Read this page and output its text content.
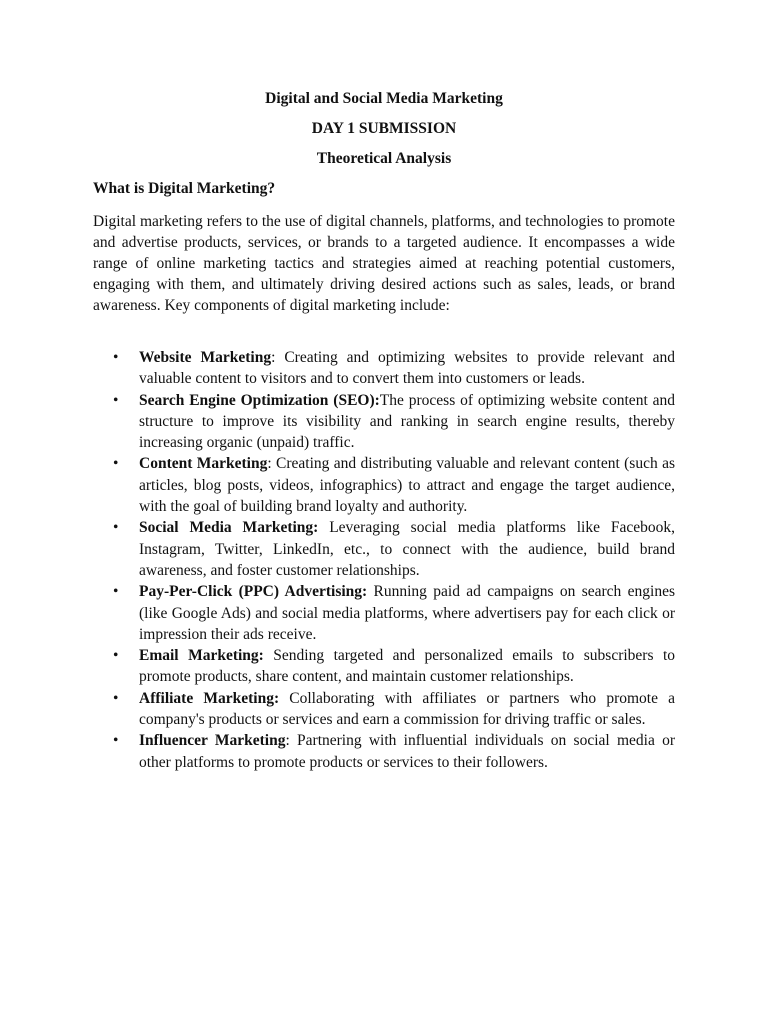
Digital and Social Media Marketing
DAY 1 SUBMISSION
Theoretical Analysis
What is Digital Marketing?

Digital marketing refers to the use of digital channels, platforms, and technologies to promote and advertise products, services, or brands to a targeted audience. It encompasses a wide range of online marketing tactics and strategies aimed at reaching potential customers, engaging with them, and ultimately driving desired actions such as sales, leads, or brand awareness. Key components of digital marketing include:

• Website Marketing: Creating and optimizing websites to provide relevant and valuable content to visitors and to convert them into customers or leads.
• Search Engine Optimization (SEO):The process of optimizing website content and structure to improve its visibility and ranking in search engine results, thereby increasing organic (unpaid) traffic.
• Content Marketing: Creating and distributing valuable and relevant content (such as articles, blog posts, videos, infographics) to attract and engage the target audience, with the goal of building brand loyalty and authority.
• Social Media Marketing: Leveraging social media platforms like Facebook, Instagram, Twitter, LinkedIn, etc., to connect with the audience, build brand awareness, and foster customer relationships.
• Pay-Per-Click (PPC) Advertising: Running paid ad campaigns on search engines (like Google Ads) and social media platforms, where advertisers pay for each click or impression their ads receive.
• Email Marketing: Sending targeted and personalized emails to subscribers to promote products, share content, and maintain customer relationships.
• Affiliate Marketing: Collaborating with affiliates or partners who promote a company's products or services and earn a commission for driving traffic or sales.
• Influencer Marketing: Partnering with influential individuals on social media or other platforms to promote products or services to their followers.
